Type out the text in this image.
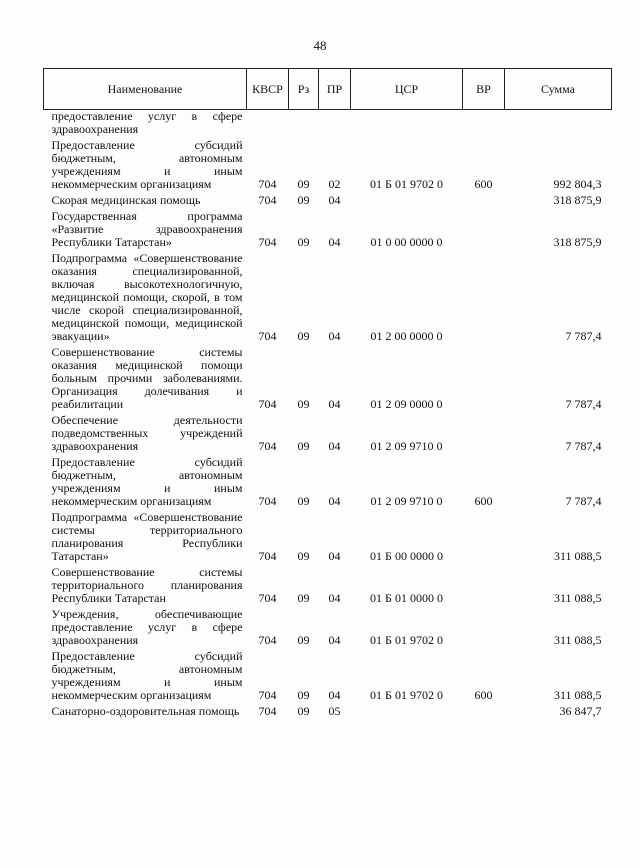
48
Наименование	КВСР	Рз	ПР	ЦСР	ВР	Сумма
предоставление услуг в сфере здравоохранения						
Предоставление субсидий бюджетным, автономным учреждениям и иным некоммерческим организациям	704	09	02	01 Б 01 9702 0	600	992 804,3
Скорая медицинская помощь	704	09	04			318 875,9
Государственная программа «Развитие здравоохранения Республики Татарстан»	704	09	04	01 0 00 0000 0		318 875,9
Подпрограмма «Совершенствование оказания специализированной, включая высокотехнологичную, медицинской помощи, скорой, в том числе скорой специализированной, медицинской помощи, медицинской эвакуации»	704	09	04	01 2 00 0000 0		7 787,4
Совершенствование системы оказания медицинской помощи больным прочими заболеваниями. Организация долечивания и реабилитации	704	09	04	01 2 09 0000 0		7 787,4
Обеспечение деятельности подведомственных учреждений здравоохранения	704	09	04	01 2 09 9710 0		7 787,4
Предоставление субсидий бюджетным, автономным учреждениям и иным некоммерческим организациям	704	09	04	01 2 09 9710 0	600	7 787,4
Подпрограмма «Совершенствование системы территориального планирования Республики Татарстан»	704	09	04	01 Б 00 0000 0		311 088,5
Совершенствование системы территориального планирования Республики Татарстан	704	09	04	01 Б 01 0000 0		311 088,5
Учреждения, обеспечивающие предоставление услуг в сфере здравоохранения	704	09	04	01 Б 01 9702 0		311 088,5
Предоставление субсидий бюджетным, автономным учреждениям и иным некоммерческим организациям	704	09	04	01 Б 01 9702 0	600	311 088,5
Санаторно-оздоровительная помощь	704	09	05			36 847,7
